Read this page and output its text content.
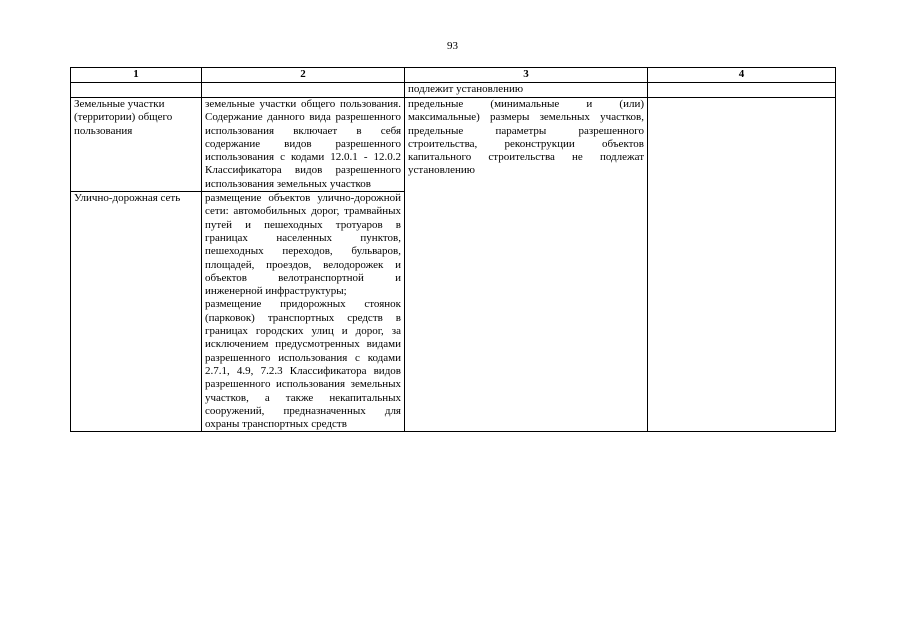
93
1	2	3	4
		подлежит установлению	
Земельные участки (территории) общего пользования	земельные участки общего пользования. Содержание данного вида разрешенного использования включает в себя содержание видов разрешенного использования с кодами 12.0.1 - 12.0.2 Классификатора видов разрешенного использования земельных участков	предельные (минимальные и (или) максимальные) размеры земельных участков, предельные параметры разрешенного строительства, реконструкции объектов капитального строительства не подлежат установлению	
Улично-дорожная сеть	размещение объектов улично-дорожной сети: автомобильных дорог, трамвайных путей и пешеходных тротуаров в границах населенных пунктов, пешеходных переходов, бульваров, площадей, проездов, велодорожек и объектов велотранспортной и инженерной инфраструктуры;
размещение придорожных стоянок (парковок) транспортных средств в границах городских улиц и дорог, за исключением предусмотренных видами разрешенного использования с кодами 2.7.1, 4.9, 7.2.3 Классификатора видов разрешенного использования земельных участков, а также некапитальных сооружений, предназначенных для охраны транспортных средств		
